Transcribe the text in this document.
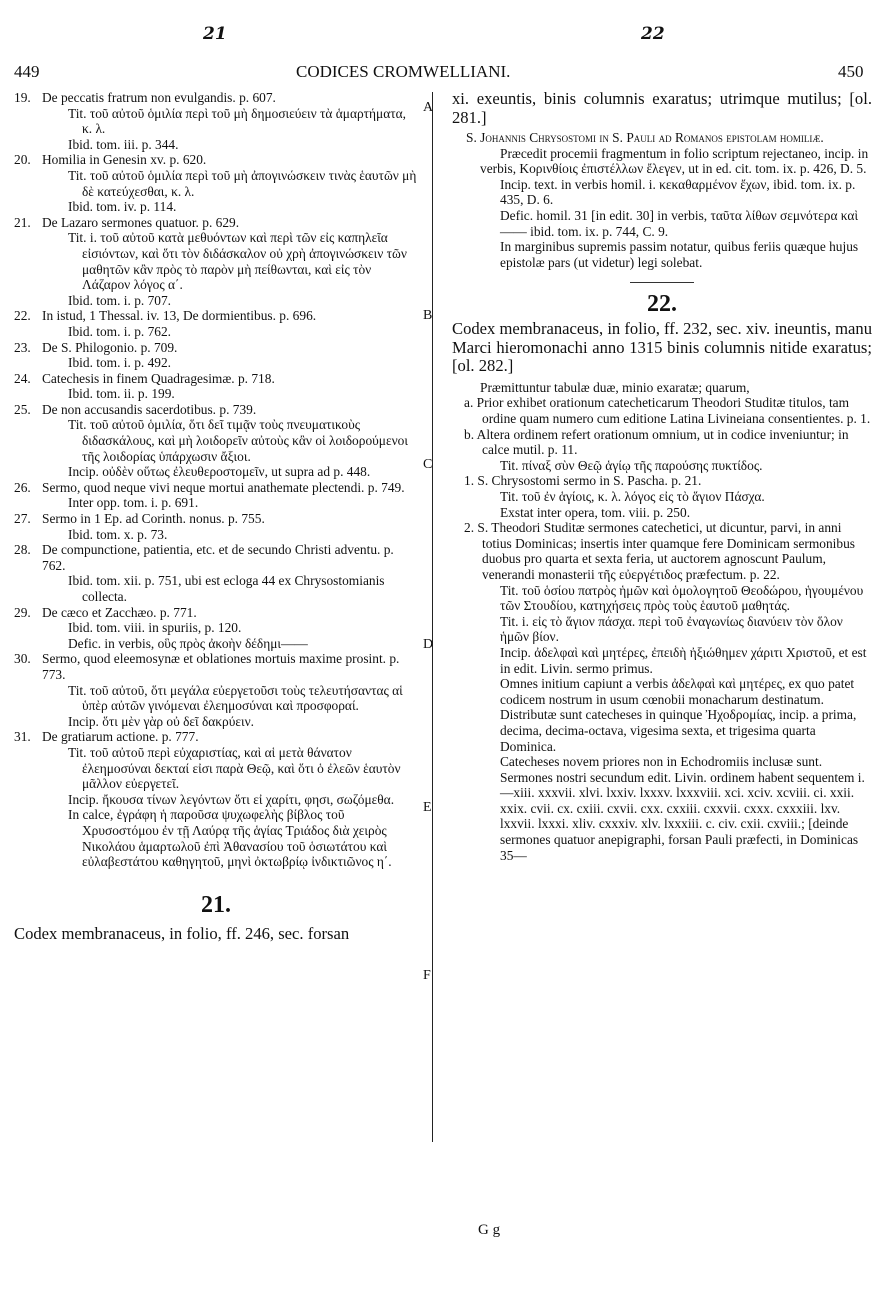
21	22
449	CODICES CROMWELLIANI.	450
A
B
C
D
E
F
19. De peccatis fratrum non evulgandis. p. 607.
Tit. τοῦ αὐτοῦ ὁμιλία περὶ τοῦ μὴ δημοσιεύειν τὰ ἁμαρτήματα, κ. λ.
Ibid. tom. iii. p. 344.
20. Homilia in Genesin xv. p. 620.
Tit. τοῦ αὐτοῦ ὁμιλία περὶ τοῦ μὴ ἀπογινώσκειν τινὰς ἑαυτῶν μὴ δὲ κατεύχεσθαι, κ. λ.
Ibid. tom. iv. p. 114.
21. De Lazaro sermones quatuor. p. 629.
Tit. i. τοῦ αὐτοῦ κατὰ μεθυόντων καὶ περὶ τῶν εἰς καπηλεῖα εἰσιόντων, καὶ ὅτι τὸν διδάσκαλον οὐ χρὴ ἀπογινώσκειν τῶν μαθητῶν κἂν πρὸς τὸ παρὸν μὴ πείθωνται, καὶ εἰς τὸν Λάζαρον λόγος α΄.
Ibid. tom. i. p. 707.
22. In istud, 1 Thessal. iv. 13, De dormientibus. p. 696.
Ibid. tom. i. p. 762.
23. De S. Philogonio. p. 709.
Ibid. tom. i. p. 492.
24. Catechesis in finem Quadragesimæ. p. 718.
Ibid. tom. ii. p. 199.
25. De non accusandis sacerdotibus. p. 739.
Tit. τοῦ αὐτοῦ ὁμιλία, ὅτι δεῖ τιμᾷν τοὺς πνευματικοὺς διδασκάλους, καὶ μὴ λοιδορεῖν αὐτοὺς κἂν οἱ λοιδορούμενοι τῆς λοιδορίας ὑπάρχωσιν ἄξιοι.
Incip. οὐδὲν οὕτως ἐλευθεροστομεῖν, ut supra ad p. 448.
26. Sermo, quod neque vivi neque mortui anathemate plectendi. p. 749.
Inter opp. tom. i. p. 691.
27. Sermo in 1 Ep. ad Corinth. nonus. p. 755.
Ibid. tom. x. p. 73.
28. De compunctione, patientia, etc. et de secundo Christi adventu. p. 762.
Ibid. tom. xii. p. 751, ubi est ecloga 44 ex Chrysostomianis collecta.
29. De cæco et Zacchæo. p. 771.
Ibid. tom. viii. in spuriis, p. 120.
Defic. in verbis, οὓς πρὸς ἀκοὴν δέδημι——
30. Sermo, quod eleemosynæ et oblationes mortuis maxime prosint. p. 773.
Tit. τοῦ αὐτοῦ, ὅτι μεγάλα εὐεργετοῦσι τοὺς τελευτήσαντας αἱ ὑπὲρ αὐτῶν γινόμεναι ἐλεημοσύναι καὶ προσφοραί.
Incip. ὅτι μὲν γὰρ οὐ δεῖ δακρύειν.
31. De gratiarum actione. p. 777.
Tit. τοῦ αὐτοῦ περὶ εὐχαριστίας, καὶ αἱ μετὰ θάνατον ἐλεημοσύναι δεκταί εἰσι παρὰ Θεῷ, καὶ ὅτι ὁ ἐλεῶν ἑαυτὸν μᾶλλον εὐεργετεῖ.
Incip. ἤκουσα τίνων λεγόντων ὅτι εἰ χαρίτι, φησι, σωζόμεθα.
In calce, ἐγράφη ἡ παροῦσα ψυχωφελὴς βίβλος τοῦ Χρυσοστόμου ἐν τῇ Λαύρᾳ τῆς ἁγίας Τριάδος διὰ χειρὸς Νικολάου ἁμαρτωλοῦ ἐπὶ Ἀθανασίου τοῦ ὁσιωτάτου καὶ εὐλαβεστάτου καθηγητοῦ, μηνὶ ὀκτωβρίῳ ἰνδικτιῶνος η΄.
21.
Codex membranaceus, in folio, ff. 246, sec. forsan
xi. exeuntis, binis columnis exaratus; utrimque mutilus; [ol. 281.]
S. Johannis Chrysostomi in S. Pauli ad Romanos epistolam homiliæ.
Præcedit procemii fragmentum in folio scriptum rejectaneo, incip. in verbis, Κορινθίοις ἐπιστέλλων ἔλεγεν, ut in ed. cit. tom. ix. p. 426, D. 5.
Incip. text. in verbis homil. i. κεκαθαρμένον ἔχων, ibid. tom. ix. p. 435, D. 6.
Defic. homil. 31 [in edit. 30] in verbis, ταῦτα λίθων σεμνότερα καὶ—— ibid. tom. ix. p. 744, C. 9.
In marginibus supremis passim notatur, quibus feriis quæque hujus epistolæ pars (ut videtur) legi solebat.
22.
Codex membranaceus, in folio, ff. 232, sec. xiv. ineuntis, manu Marci hieromonachi anno 1315 binis columnis nitide exaratus; [ol. 282.]
Præmittuntur tabulæ duæ, minio exaratæ; quarum,
a. Prior exhibet orationum catecheticarum Theodori Studitæ titulos, tam ordine quam numero cum editione Latina Livineiana consentientes. p. 1.
b. Altera ordinem refert orationum omnium, ut in codice inveniuntur; in calce mutil. p. 11.
Tit. πίναξ σὺν Θεῷ ἁγίῳ τῆς παρούσης πυκτίδος.
1. S. Chrysostomi sermo in S. Pascha. p. 21.
Tit. τοῦ ἐν ἁγίοις, κ. λ. λόγος εἰς τὸ ἅγιον Πάσχα.
Exstat inter opera, tom. viii. p. 250.
2. S. Theodori Studitæ sermones catechetici, ut dicuntur, parvi, in anni totius Dominicas; insertis inter quamque fere Dominicam sermonibus duobus pro quarta et sexta feria, ut auctorem agnoscunt Paulum, venerandi monasterii τῆς εὐεργέτιδος præfectum. p. 22.
Tit. τοῦ ὁσίου πατρὸς ἡμῶν καὶ ὁμολογητοῦ Θεοδώρου, ἡγουμένου τῶν Στουδίου, κατηχήσεις πρὸς τοὺς ἑαυτοῦ μαθητάς.
Tit. i. εἰς τὸ ἅγιον πάσχα. περὶ τοῦ ἐναγωνίως διανύειν τὸν ὅλον ἡμῶν βίον.
Incip. ἀδελφαὶ καὶ μητέρες, ἐπειδὴ ἠξιώθημεν χάριτι Χριστοῦ, et est in edit. Livin. sermo primus.
Omnes initium capiunt a verbis ἀδελφαὶ καὶ μητέρες, ex quo patet codicem nostrum in usum cœnobii monacharum destinatum.
Distributæ sunt catecheses in quinque Ἠχοδρομίας, incip. a prima, decima, decima-octava, vigesima sexta, et trigesima quarta Dominica.
Catecheses novem priores non in Echodromiis inclusæ sunt.
Sermones nostri secundum edit. Livin. ordinem habent sequentem i.—xiii. xxxvii. xlvi. lxxiv. lxxxv. lxxxviii. xci. xciv. xcviii. ci. xxii. xxix. cvii. cx. cxiii. cxvii. cxx. cxxiii. cxxvii. cxxx. cxxxiii. lxv. lxxvii. lxxxi. xliv. cxxxiv. xlv. lxxxiii. c. civ. cxii. cxviii.; [deinde sermones quatuor anepigraphi, forsan Pauli præfecti, in Dominicas 35—
G g
